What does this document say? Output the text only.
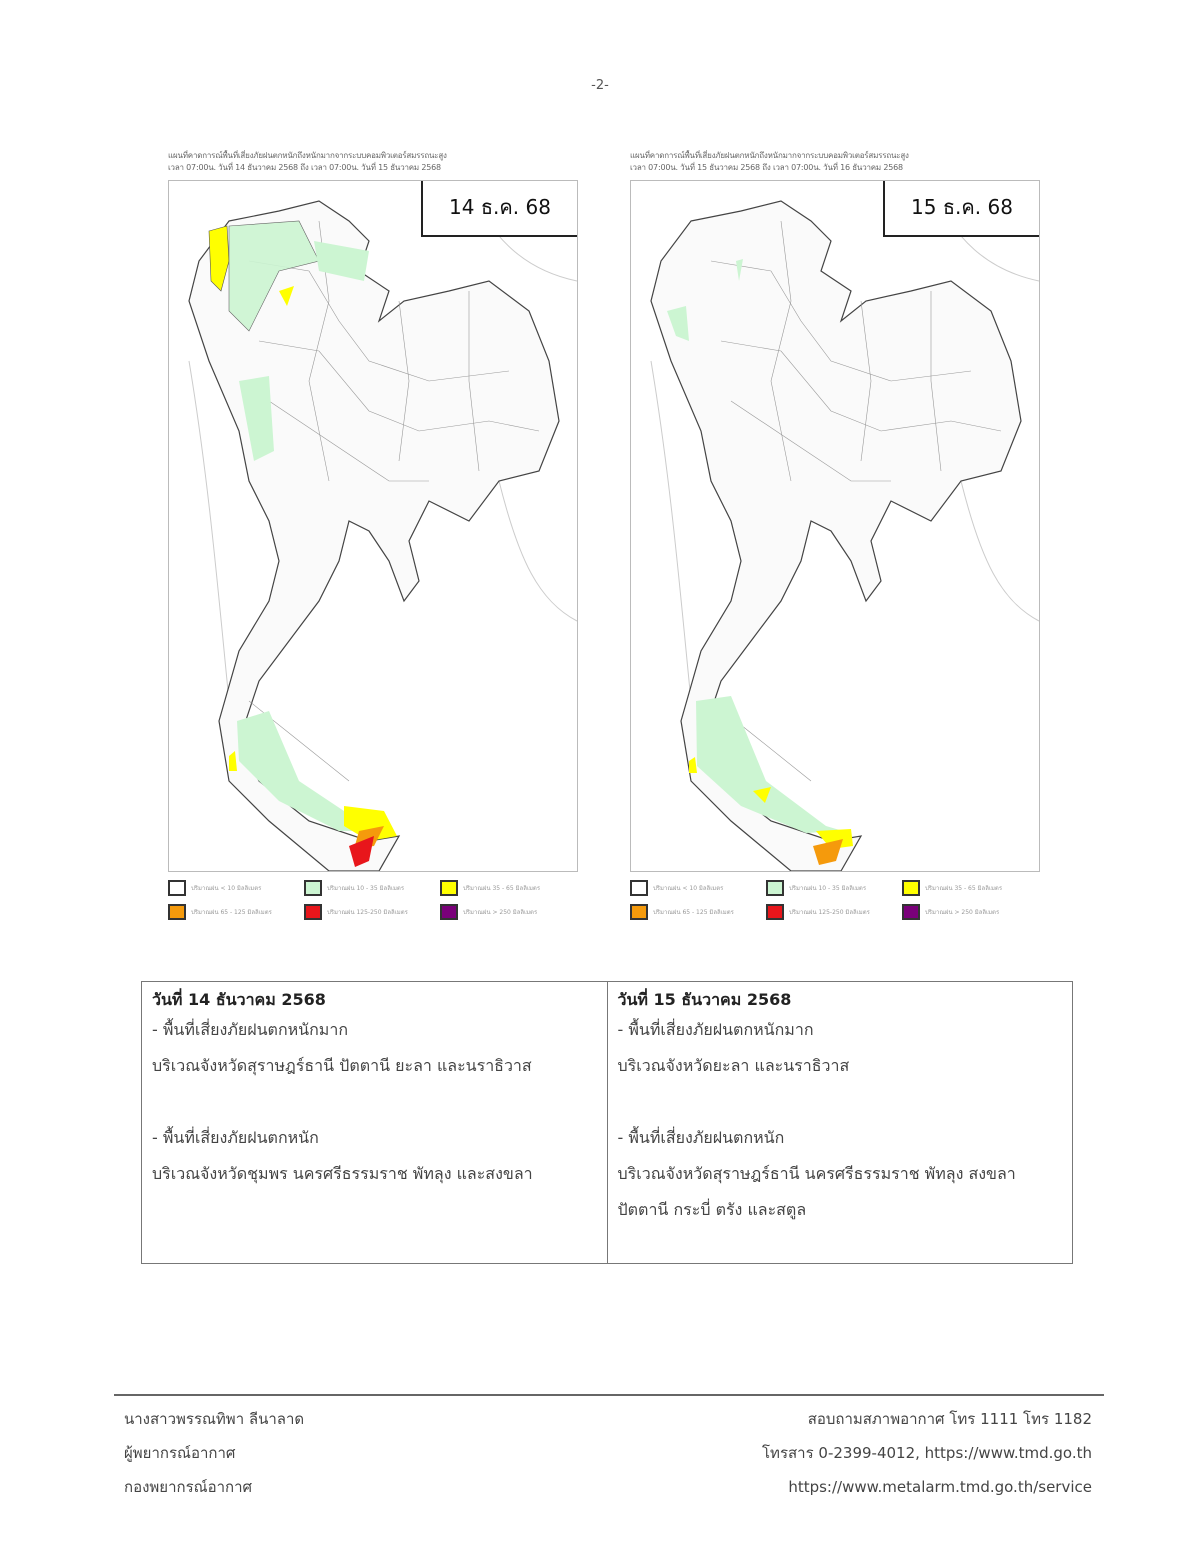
-2-
แผนที่คาดการณ์พื้นที่เสี่ยงภัยฝนตกหนักถึงหนักมากจากระบบคอมพิวเตอร์สมรรถนะสูง
เวลา 07:00น. วันที่ 14 ธันวาคม 2568 ถึง เวลา 07:00น. วันที่ 15 ธันวาคม 2568
14 ธ.ค. 68
ปริมาณฝน < 10 มิลลิเมตร	ปริมาณฝน 10 - 35 มิลลิเมตร	ปริมาณฝน 35 - 65 มิลลิเมตร
ปริมาณฝน 65 - 125 มิลลิเมตร	ปริมาณฝน 125-250 มิลลิเมตร	ปริมาณฝน > 250 มิลลิเมตร
แผนที่คาดการณ์พื้นที่เสี่ยงภัยฝนตกหนักถึงหนักมากจากระบบคอมพิวเตอร์สมรรถนะสูง
เวลา 07:00น. วันที่ 15 ธันวาคม 2568 ถึง เวลา 07:00น. วันที่ 16 ธันวาคม 2568
15 ธ.ค. 68
ปริมาณฝน < 10 มิลลิเมตร	ปริมาณฝน 10 - 35 มิลลิเมตร	ปริมาณฝน 35 - 65 มิลลิเมตร
ปริมาณฝน 65 - 125 มิลลิเมตร	ปริมาณฝน 125-250 มิลลิเมตร	ปริมาณฝน > 250 มิลลิเมตร
วันที่ 14 ธันวาคม 2568
- พื้นที่เสี่ยงภัยฝนตกหนักมาก
บริเวณจังหวัดสุราษฎร์ธานี ปัตตานี ยะลา และนราธิวาส
- พื้นที่เสี่ยงภัยฝนตกหนัก
บริเวณจังหวัดชุมพร นครศรีธรรมราช พัทลุง และสงขลา
วันที่ 15 ธันวาคม 2568
- พื้นที่เสี่ยงภัยฝนตกหนักมาก
บริเวณจังหวัดยะลา และนราธิวาส
- พื้นที่เสี่ยงภัยฝนตกหนัก
บริเวณจังหวัดสุราษฎร์ธานี นครศรีธรรมราช พัทลุง สงขลา
ปัตตานี กระบี่ ตรัง และสตูล
นางสาวพรรณทิพา ลีนาลาด
ผู้พยากรณ์อากาศ
กองพยากรณ์อากาศ
สอบถามสภาพอากาศ โทร 1111 โทร 1182
โทรสาร 0-2399-4012, https://www.tmd.go.th
https://www.metalarm.tmd.go.th/service
